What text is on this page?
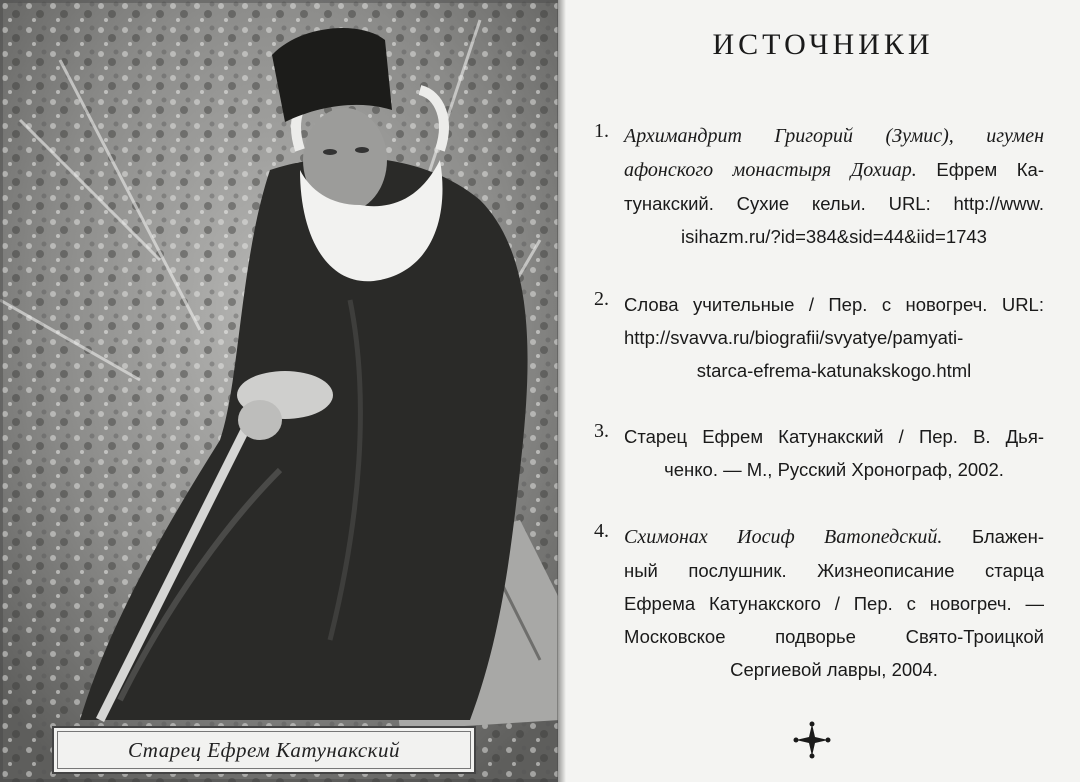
Старец Ефрем Катунакский
ИСТОЧНИКИ
1. Архимандрит Григорий (Зумис), игумен
афонского монастыря Дохиар. Ефрем Ка-
тунакский. Сухие кельи. URL: http://www.
isihazm.ru/?id=384&sid=44&iid=1743
2. Слова учительные / Пер. с новогреч. URL:
http://svavva.ru/biografii/svyatye/pamyati-
starca-efrema-katunakskogo.html
3. Старец Ефрем Катунакский / Пер. В. Дья-
ченко. — М., Русский Хронограф, 2002.
4. Схимонах Иосиф Ватопедский. Блажен-
ный послушник. Жизнеописание старца
Ефрема Катунакского / Пер. с новогреч. —
Московское подворье Свято-Троицкой
Сергиевой лавры, 2004.
